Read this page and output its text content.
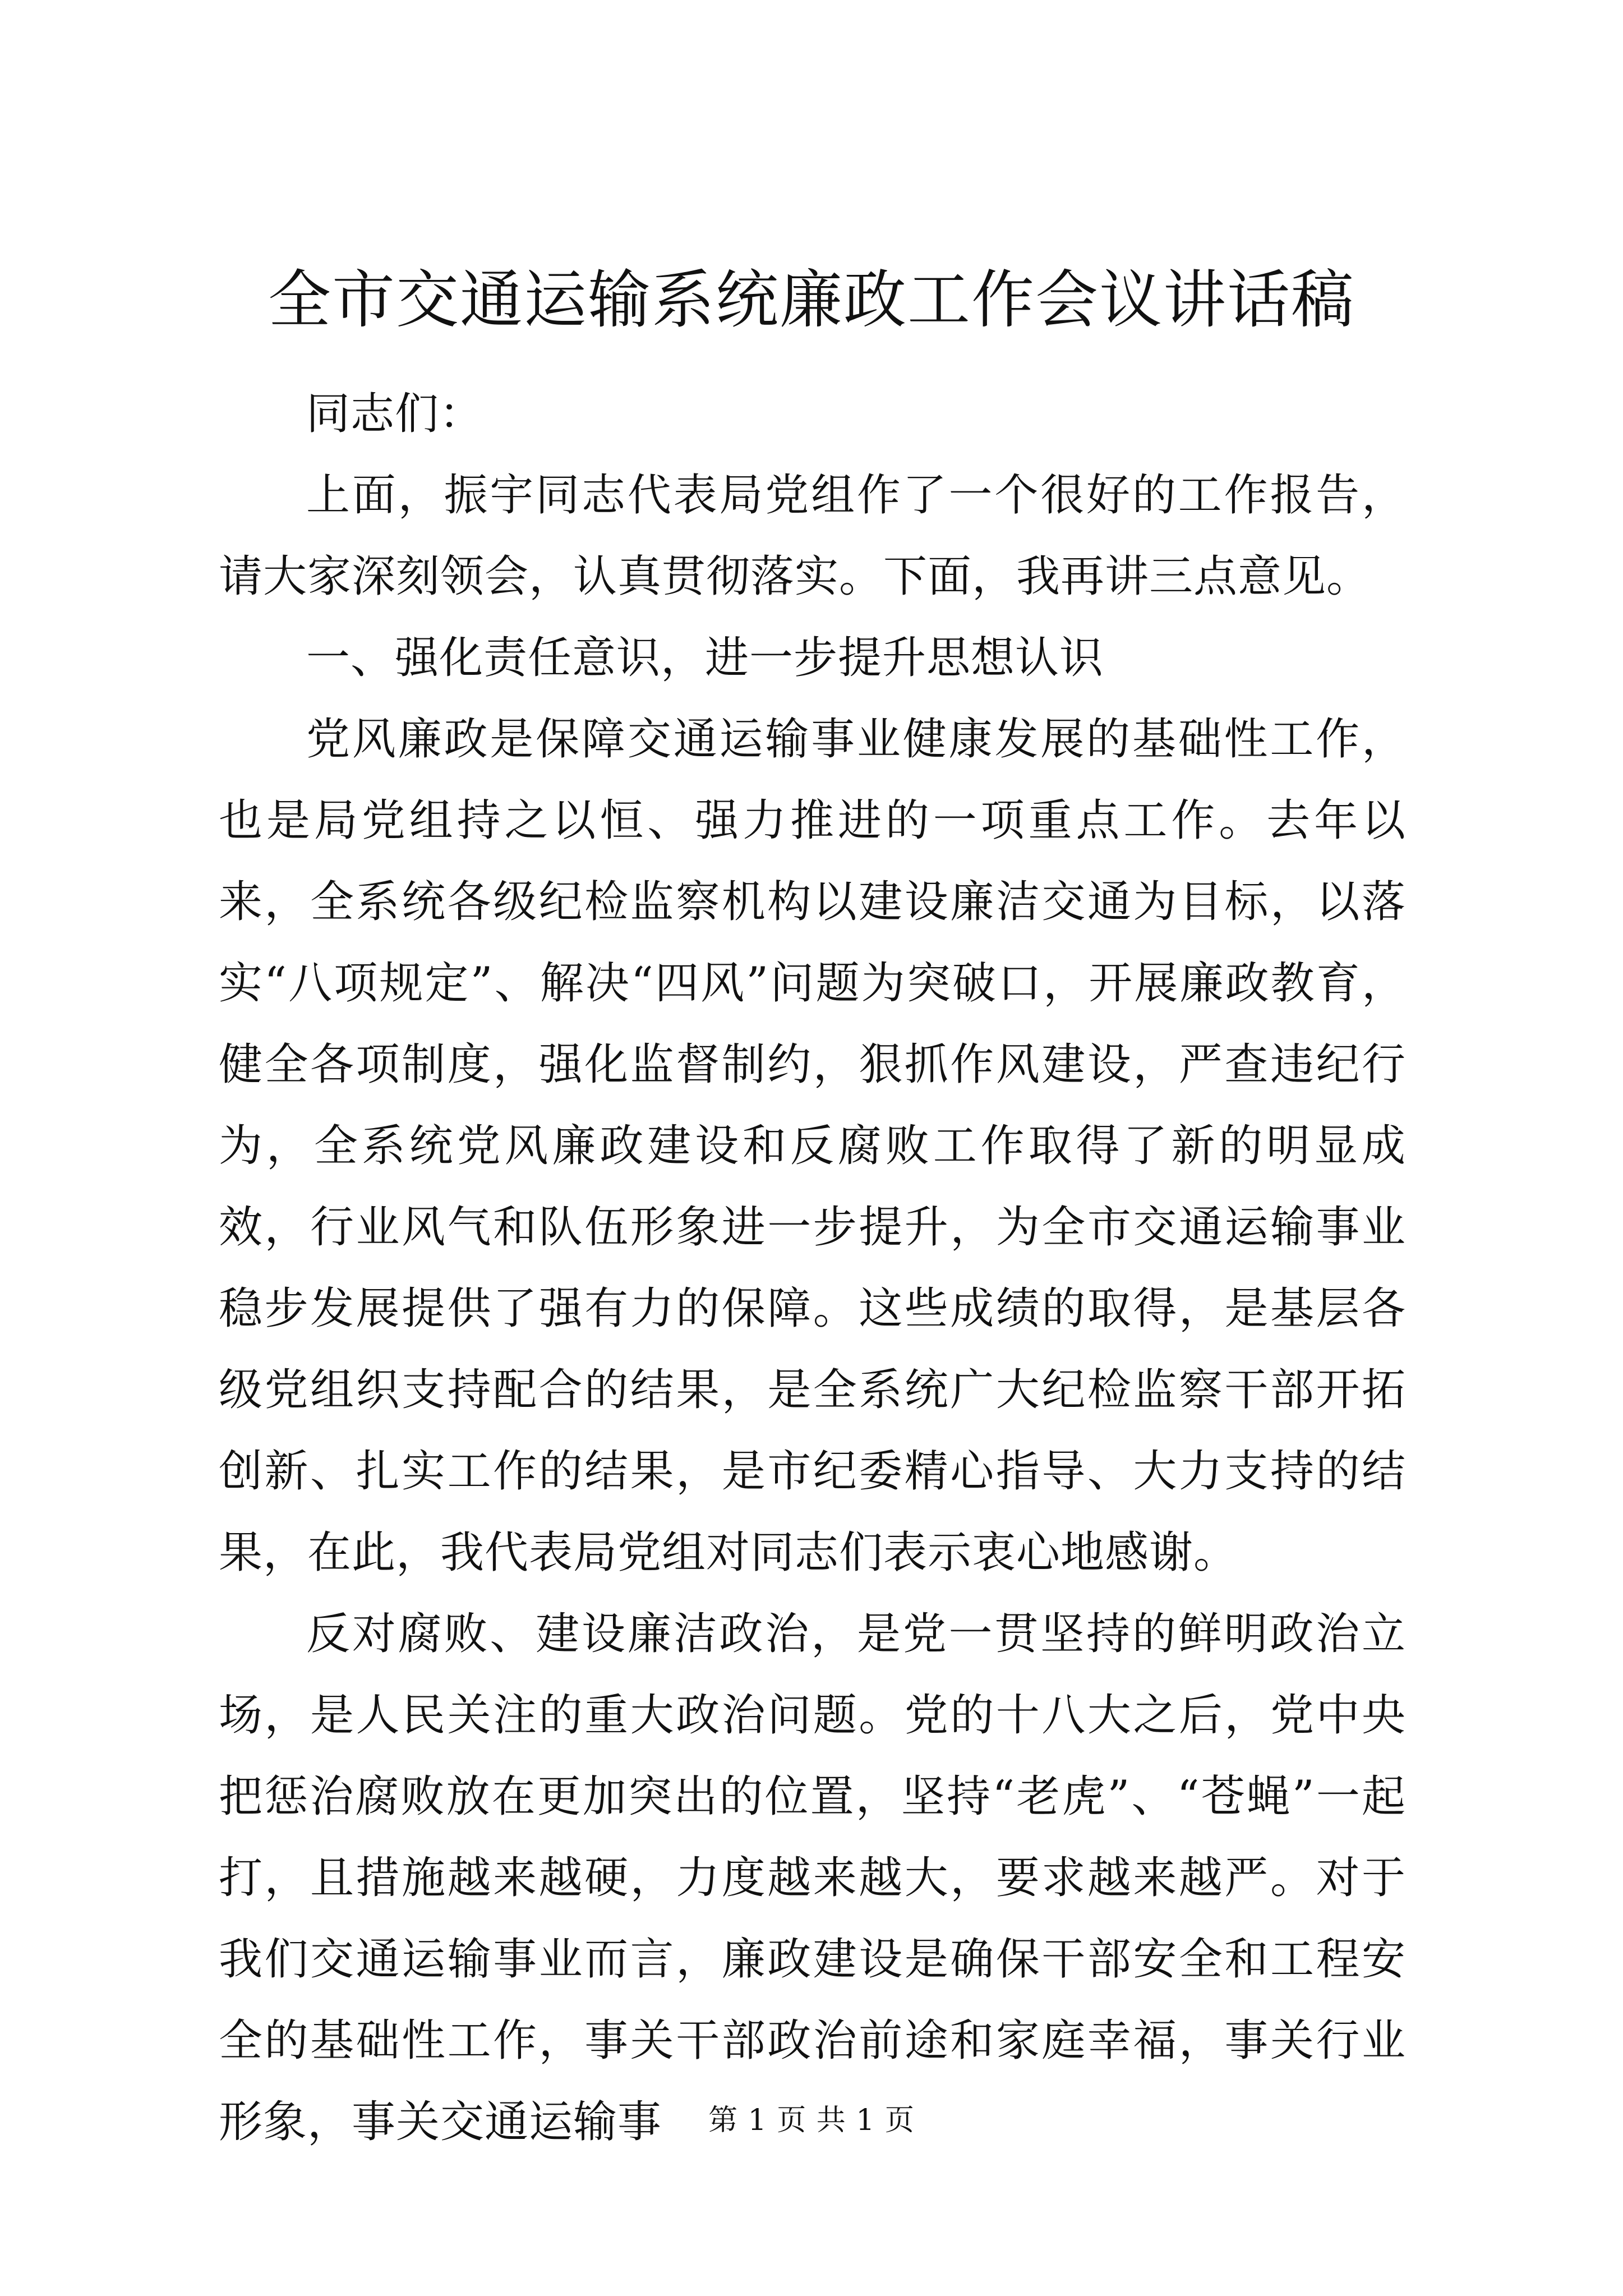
全市交通运输系统廉政工作会议讲话稿

同志们：

上面，振宇同志代表局党组作了一个很好的工作报告，请大家深刻领会，认真贯彻落实。下面，我再讲三点意见。

一、强化责任意识，进一步提升思想认识

党风廉政是保障交通运输事业健康发展的基础性工作，也是局党组持之以恒、强力推进的一项重点工作。去年以来，全系统各级纪检监察机构以建设廉洁交通为目标，以落实“八项规定”、解决“四风”问题为突破口，开展廉政教育，健全各项制度，强化监督制约，狠抓作风建设，严查违纪行为，全系统党风廉政建设和反腐败工作取得了新的明显成效，行业风气和队伍形象进一步提升，为全市交通运输事业稳步发展提供了强有力的保障。这些成绩的取得，是基层各级党组织支持配合的结果，是全系统广大纪检监察干部开拓创新、扎实工作的结果，是市纪委精心指导、大力支持的结果，在此，我代表局党组对同志们表示衷心地感谢。

反对腐败、建设廉洁政治，是党一贯坚持的鲜明政治立场，是人民关注的重大政治问题。党的十八大之后，党中央把惩治腐败放在更加突出的位置，坚持“老虎”、“苍蝇”一起打，且措施越来越硬，力度越来越大，要求越来越严。对于我们交通运输事业而言，廉政建设是确保干部安全和工程安全的基础性工作，事关干部政治前途和家庭幸福，事关行业形象，事关交通运输事	第 1 页 共 1 页
